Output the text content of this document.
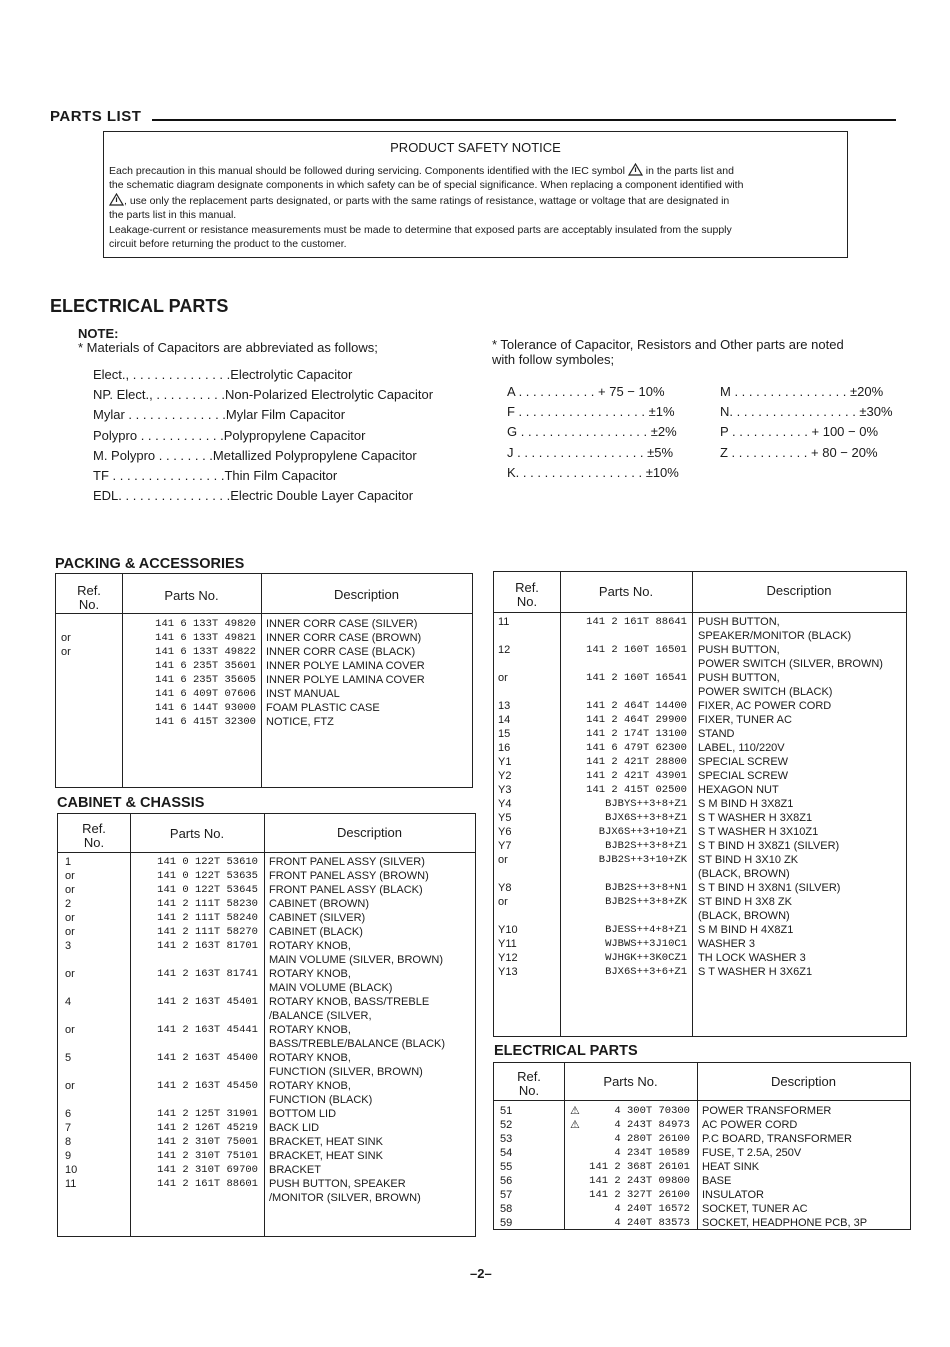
PARTS LIST
PRODUCT SAFETY NOTICE
Each precaution in this manual should be followed during servicing. Components identified with the IEC symbol in the parts list and
the schematic diagram designate components in which safety can be of special significance. When replacing a component identified with
, use only the replacement parts designated, or parts with the same ratings of resistance, wattage or voltage that are designated in
the parts list in this manual.
Leakage-current or resistance measurements must be made to determine that exposed parts are acceptably insulated from the supply
circuit before returning the product to the customer.
ELECTRICAL PARTS
NOTE:
* Materials of Capacitors are abbreviated as follows;	* Tolerance of Capacitor, Resistors and Other parts are noted with follow symboles;
Elect., . . . . . . . . . . . . . .Electrolytic Capacitor
NP. Elect., . . . . . . . . . .Non-Polarized Electrolytic Capacitor
Mylar . . . . . . . . . . . . . .Mylar Film Capacitor
Polypro . . . . . . . . . . . .Polypropylene Capacitor
M. Polypro . . . . . . . .Metallized Polypropylene Capacitor
TF . . . . . . . . . . . . . . . .Thin Film Capacitor
EDL. . . . . . . . . . . . . . . .Electric Double Layer Capacitor
A . . . . . . . . . . . + 75 − 10%
F . . . . . . . . . . . . . . . . . . ±1%
G . . . . . . . . . . . . . . . . . . ±2%
J . . . . . . . . . . . . . . . . . . ±5%
K. . . . . . . . . . . . . . . . . . ±10%
M . . . . . . . . . . . . . . . . ±20%
N. . . . . . . . . . . . . . . . . . ±30%
P . . . . . . . . . . . + 100 − 0%
Z . . . . . . . . . . . + 80 − 20%
PACKING & ACCESSORIES
Ref.
No.
Parts No.	Description
141 6 133T 49820 INNER CORR CASE (SILVER)
or	141 6 133T 49821 INNER CORR CASE (BROWN)
or	141 6 133T 49822 INNER CORR CASE (BLACK)
141 6 235T 35601 INNER POLYE LAMINA COVER
141 6 235T 35605 INNER POLYE LAMINA COVER
141 6 409T 07606 INST MANUAL
141 6 144T 93000 FOAM PLASTIC CASE
141 6 415T 32300 NOTICE, FTZ
CABINET & CHASSIS
Ref.
No.
Parts No.	Description
1	141 0 122T 53610 FRONT PANEL ASSY (SILVER)
or	141 0 122T 53635 FRONT PANEL ASSY (BROWN)
or	141 0 122T 53645 FRONT PANEL ASSY (BLACK)
2	141 2 111T 58230 CABINET (BROWN)
or	141 2 111T 58240 CABINET (SILVER)
or	141 2 111T 58270 CABINET (BLACK)
3	141 2 163T 81701 ROTARY KNOB,
MAIN VOLUME (SILVER, BROWN)
or	141 2 163T 81741 ROTARY KNOB,
MAIN VOLUME (BLACK)
4	141 2 163T 45401 ROTARY KNOB, BASS/TREBLE
/BALANCE (SILVER,
or	141 2 163T 45441 ROTARY KNOB,
BASS/TREBLE/BALANCE (BLACK)
5	141 2 163T 45400 ROTARY KNOB,
FUNCTION (SILVER, BROWN)
or	141 2 163T 45450 ROTARY KNOB,
FUNCTION (BLACK)
6	141 2 125T 31901 BOTTOM LID
7	141 2 126T 45219 BACK LID
8	141 2 310T 75001 BRACKET, HEAT SINK
9	141 2 310T 75101 BRACKET, HEAT SINK
10	141 2 310T 69700 BRACKET
11	141 2 161T 88601 PUSH BUTTON, SPEAKER
/MONITOR (SILVER, BROWN)
Ref.
No.
Parts No.	Description
11	141 2 161T 88641 PUSH BUTTON,
SPEAKER/MONITOR (BLACK)
12	141 2 160T 16501 PUSH BUTTON,
POWER SWITCH (SILVER, BROWN)
or	141 2 160T 16541 PUSH BUTTON,
POWER SWITCH (BLACK)
13	141 2 464T 14400 FIXER, AC POWER CORD
14	141 2 464T 29900 FIXER, TUNER AC
15	141 2 174T 13100 STAND
16	141 6 479T 62300 LABEL, 110/220V
Y1	141 2 421T 28800 SPECIAL SCREW
Y2	141 2 421T 43901 SPECIAL SCREW
Y3	141 2 415T 02500 HEXAGON NUT
Y4	BJBYS++3+8+Z1 S M BIND H 3X8Z1
Y5	BJX6S++3+8+Z1 S T WASHER H 3X8Z1
Y6	BJX6S++3+10+Z1 S T WASHER H 3X10Z1
Y7	BJB2S++3+8+Z1 S T BIND H 3X8Z1 (SILVER)
or	BJB2S++3+10+ZK ST BIND H 3X10 ZK
(BLACK, BROWN)
Y8	BJB2S++3+8+N1 S T BIND H 3X8N1 (SILVER)
or	BJB2S++3+8+ZK ST BIND H 3X8 ZK
(BLACK, BROWN)
Y10	BJESS++4+8+Z1 S M BIND H 4X8Z1
Y11	WJBWS++3J10C1 WASHER 3
Y12	WJHGK++3K0CZ1 TH LOCK WASHER 3
Y13	BJX6S++3+6+Z1 S T WASHER H 3X6Z1
ELECTRICAL PARTS
Ref.
No.
Parts No.	Description
51	⚠	4 300T 70300 POWER TRANSFORMER
52	⚠	4 243T 84973 AC POWER CORD
53	4 280T 26100 P.C BOARD, TRANSFORMER
54	4 234T 10589 FUSE, T 2.5A, 250V
55	141 2 368T 26101 HEAT SINK
56	141 2 243T 09800 BASE
57	141 2 327T 26100 INSULATOR
58	4 240T 16572 SOCKET, TUNER AC
59	4 240T 83573 SOCKET, HEADPHONE PCB, 3P
–2–
